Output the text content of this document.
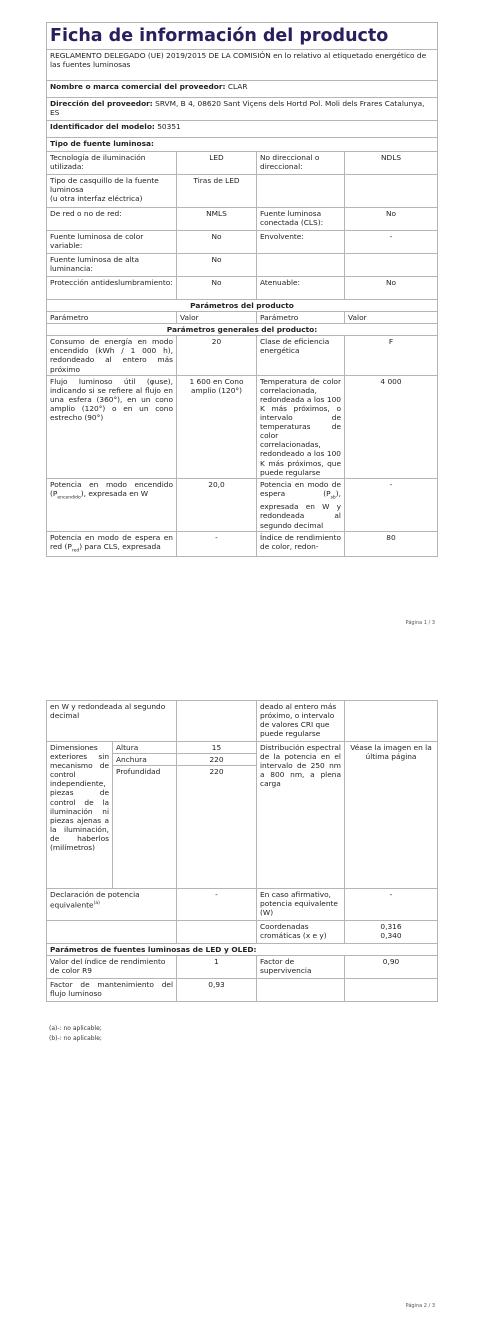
Ficha de información del producto			
REGLAMENTO DELEGADO (UE) 2019/2015 DE LA COMISIÓN en lo relativo al etiquetado energético de las fuentes luminosas			
Nombre o marca comercial del proveedor: CLAR			
Dirección del proveedor: SRVM, B 4, 08620 Sant Viçens dels Hortd Pol. Moli dels Frares Catalunya, ES			
Identificador del modelo: 50351			
Tipo de fuente luminosa:			
Tecnología de iluminación utilizada:	LED	No direccional o direccional:	NDLS
Tipo de casquillo de la fuente luminosa
(u otra interfaz eléctrica)	Tiras de LED		
De red o no de red:	NMLS	Fuente luminosa conectada (CLS):	No
Fuente luminosa de color variable:	No	Envolvente:	-
Fuente luminosa de alta luminancia:	No		
Protección antideslumbramiento:	No	Atenuable:	No
Parámetros del producto			
Parámetro	Valor	Parámetro	Valor
Parámetros generales del producto:			
Consumo de energía en modo encendido (kWh / 1 000 h), redondeado al entero más próximo	20	Clase de eficiencia energética	F
Flujo luminoso útil (φuse), indicando si se refiere al flujo en una esfera (360°), en un cono amplio (120°) o en un cono estrecho (90°)	1 600 en Cono amplio (120°)	Temperatura de color correlacionada, redondeada a los 100 K más próximos, o intervalo de temperaturas de color correlacionadas, redondeado a los 100 K más próximos, que puede regularse	4 000
Potencia en modo encendido $(P_{encendido})$, expresada en W	20,0	Potencia en modo de espera $(P_{sb})$, expresada en W y redondeada al segundo decimal	-
Potencia en modo de espera en red $(P_{red})$ para CLS, expresada	-	Índice de rendimiento de color, redon-	80
Página 1 / 3
en W y redondeada al segundo decimal			deado al entero más próximo, o intervalo de valores CRI que puede regularse	
Dimensiones exteriores sin mecanismo de control independiente, piezas de control de la iluminación ni piezas ajenas a la iluminación, de haberlos (milímetros)	Altura	15	Distribución espectral de la potencia en el intervalo de 250 nm a 800 nm, a plena carga	Véase la imagen en la última página
	Anchura	220		
	Profundidad	220		
Declaración de potencia equivalente$^{(a)}$		-	En caso afirmativo, potencia equivalente (W)	-
			Coordenadas cromáticas (x e y)	0,316
0,340
Parámetros de fuentes luminosas de LED y OLED:				
Valor del índice de rendimiento de color R9		1	Factor de supervivencia	0,90
Factor de mantenimiento del flujo luminoso		0,93		
(a)-: no aplicable;
(b)-: no aplicable;
Página 2 / 3
